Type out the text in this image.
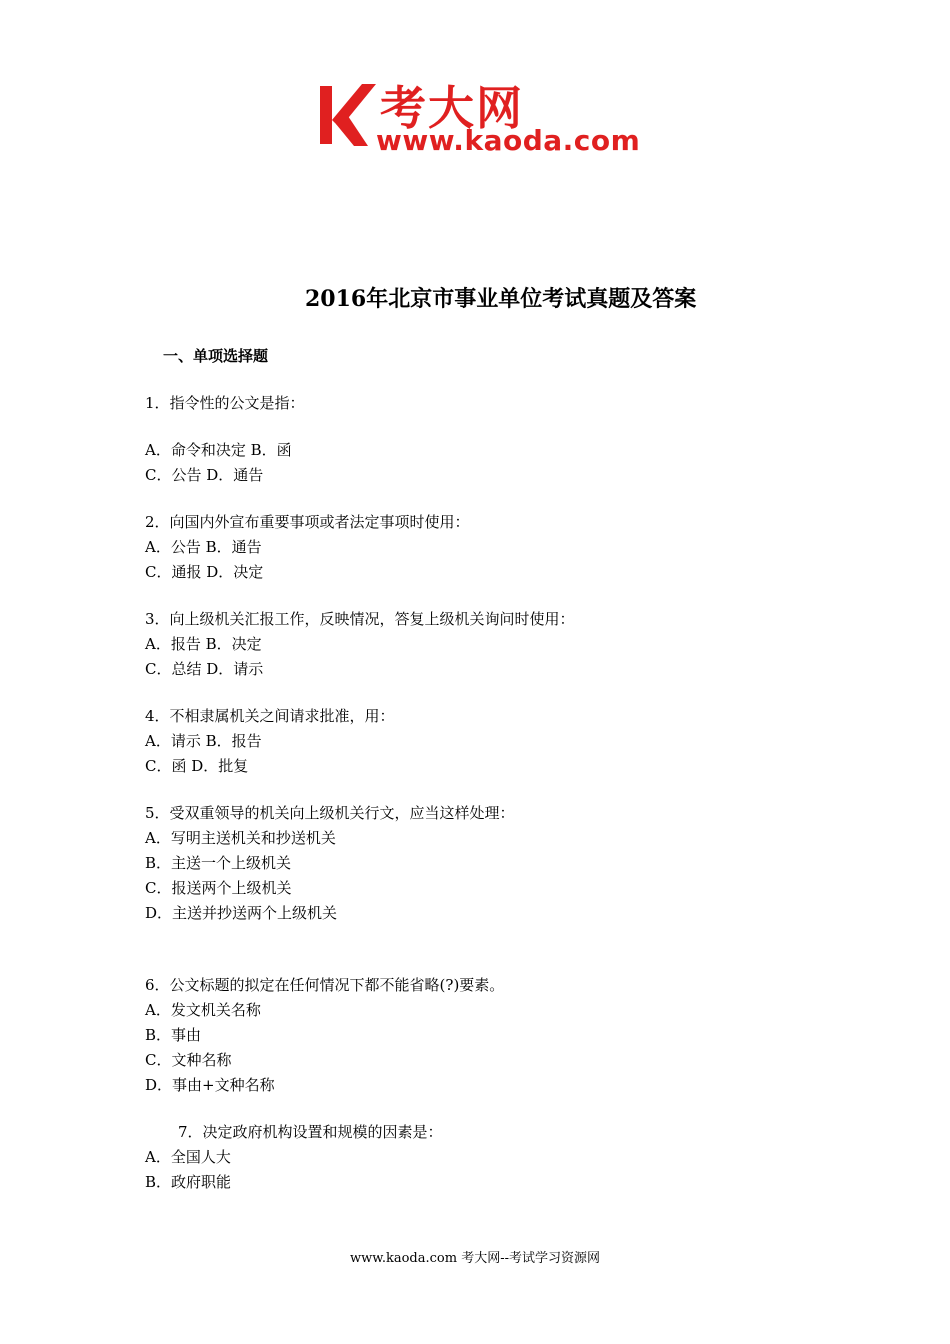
考大网
www.kaoda.com
2016年北京市事业单位考试真题及答案
一、单项选择题
1．指令性的公文是指：
A．命令和决定 B．函
C．公告 D．通告
2．向国内外宣布重要事项或者法定事项时使用：
A．公告 B．通告
C．通报 D．决定
3．向上级机关汇报工作，反映情况，答复上级机关询问时使用：
A．报告 B．决定
C．总结 D．请示
4．不相隶属机关之间请求批准，用：
A．请示 B．报告
C．函 D．批复
5．受双重领导的机关向上级机关行文，应当这样处理：
A．写明主送机关和抄送机关
B．主送一个上级机关
C．报送两个上级机关
D．主送并抄送两个上级机关
6．公文标题的拟定在任何情况下都不能省略(?)要素。
A．发文机关名称
B．事由
C．文种名称
D．事由+文种名称
7．决定政府机构设置和规模的因素是：
A．全国人大
B．政府职能
www.kaoda.com 考大网--考试学习资源网
